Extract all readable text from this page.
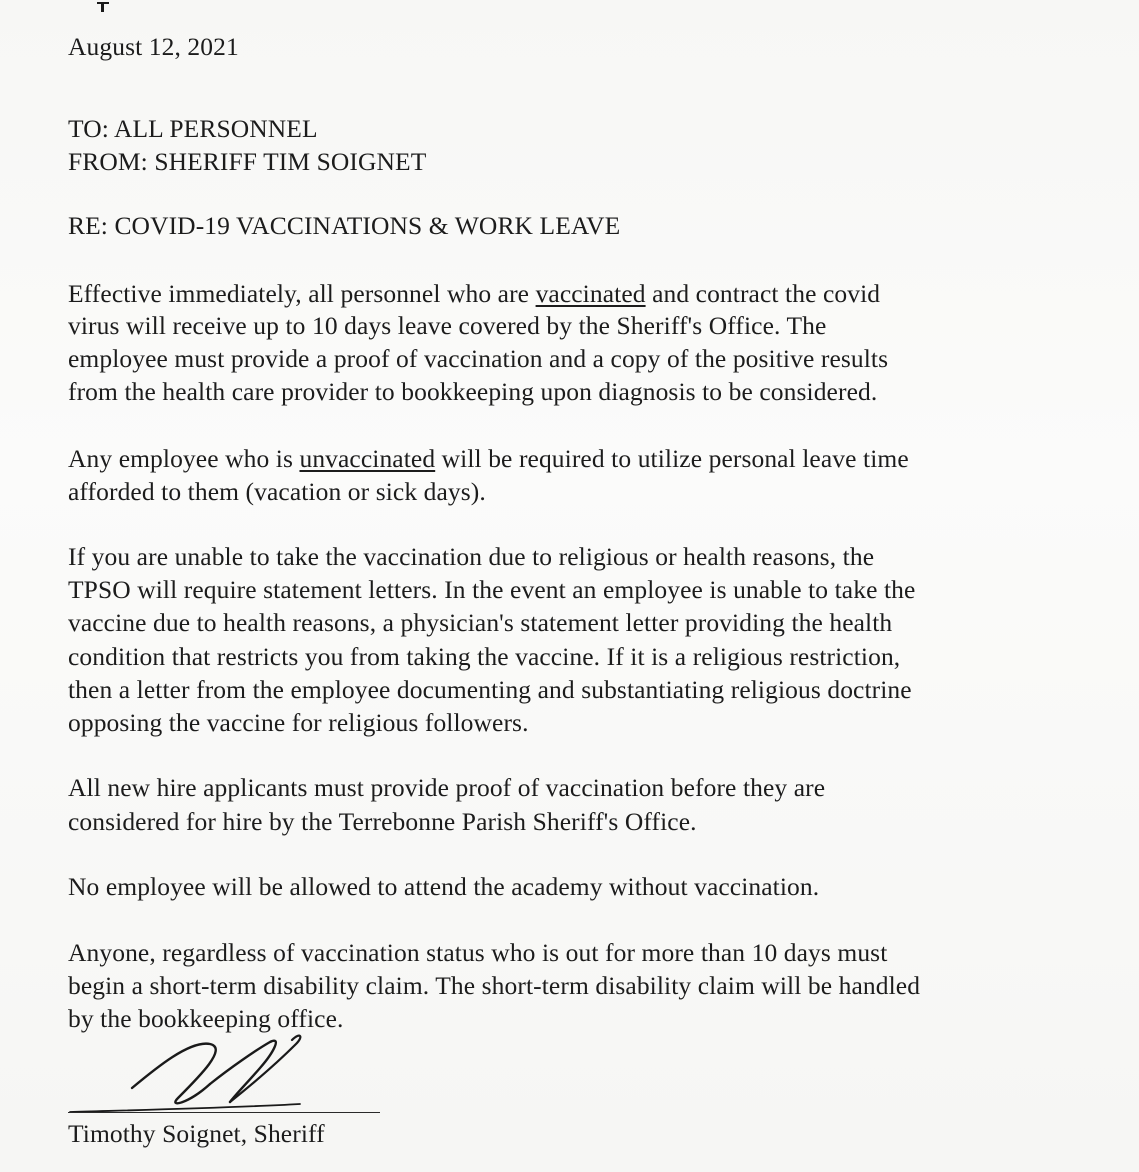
August 12, 2021
TO: ALL PERSONNEL
FROM: SHERIFF TIM SOIGNET
RE: COVID-19 VACCINATIONS & WORK LEAVE
Effective immediately, all personnel who are vaccinated and contract the covid
virus will receive up to 10 days leave covered by the Sheriff's Office. The
employee must provide a proof of vaccination and a copy of the positive results
from the health care provider to bookkeeping upon diagnosis to be considered.
Any employee who is unvaccinated will be required to utilize personal leave time
afforded to them (vacation or sick days).
If you are unable to take the vaccination due to religious or health reasons, the
TPSO will require statement letters. In the event an employee is unable to take the
vaccine due to health reasons, a physician's statement letter providing the health
condition that restricts you from taking the vaccine. If it is a religious restriction,
then a letter from the employee documenting and substantiating religious doctrine
opposing the vaccine for religious followers.
All new hire applicants must provide proof of vaccination before they are
considered for hire by the Terrebonne Parish Sheriff's Office.
No employee will be allowed to attend the academy without vaccination.
Anyone, regardless of vaccination status who is out for more than 10 days must
begin a short-term disability claim. The short-term disability claim will be handled
by the bookkeeping office.
Timothy Soignet, Sheriff
